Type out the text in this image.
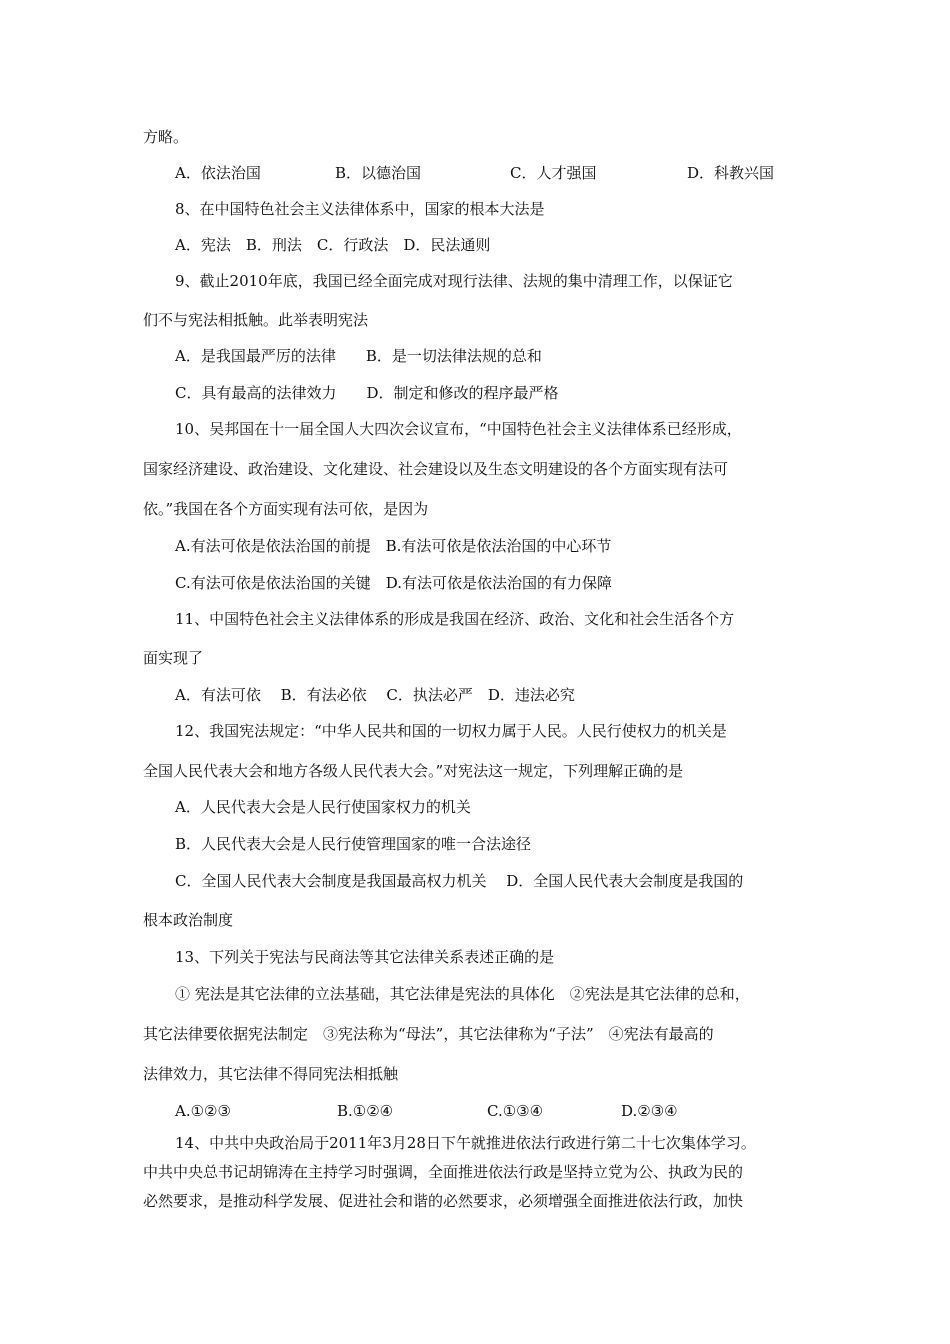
方略。
A．依法治国	B．以德治国	C．人才强国	D．科教兴国
8、在中国特色社会主义法律体系中，国家的根本大法是
A．宪法　B．刑法　C．行政法　D．民法通则
9、截止2010年底，我国已经全面完成对现行法律、法规的集中清理工作，以保证它
们不与宪法相抵触。此举表明宪法
A．是我国最严厉的法律　　B．是一切法律法规的总和
C．具有最高的法律效力　　D．制定和修改的程序最严格
10、吴邦国在十一届全国人大四次会议宣布，“中国特色社会主义法律体系已经形成，
国家经济建设、政治建设、文化建设、社会建设以及生态文明建设的各个方面实现有法可
依。”我国在各个方面实现有法可依，是因为
A.有法可依是依法治国的前提　B.有法可依是依法治国的中心环节
C.有法可依是依法治国的关键　D.有法可依是依法治国的有力保障
11、中国特色社会主义法律体系的形成是我国在经济、政治、文化和社会生活各个方
面实现了
A．有法可依　 B．有法必依　 C．执法必严　D．违法必究
12、我国宪法规定：“中华人民共和国的一切权力属于人民。人民行使权力的机关是
全国人民代表大会和地方各级人民代表大会。”对宪法这一规定，下列理解正确的是
A．人民代表大会是人民行使国家权力的机关
B．人民代表大会是人民行使管理国家的唯一合法途径
C．全国人民代表大会制度是我国最高权力机关　 D．全国人民代表大会制度是我国的
根本政治制度
13、下列关于宪法与民商法等其它法律关系表述正确的是
① 宪法是其它法律的立法基础，其它法律是宪法的具体化　②宪法是其它法律的总和，
其它法律要依据宪法制定　③宪法称为“母法”，其它法律称为“子法”　④宪法有最高的
法律效力，其它法律不得同宪法相抵触
A.①②③	B.①②④	C.①③④	D.②③④
14、中共中央政治局于2011年3月28日下午就推进依法行政进行第二十七次集体学习。
中共中央总书记胡锦涛在主持学习时强调，全面推进依法行政是坚持立党为公、执政为民的
必然要求，是推动科学发展、促进社会和谐的必然要求，必须增强全面推进依法行政，加快
